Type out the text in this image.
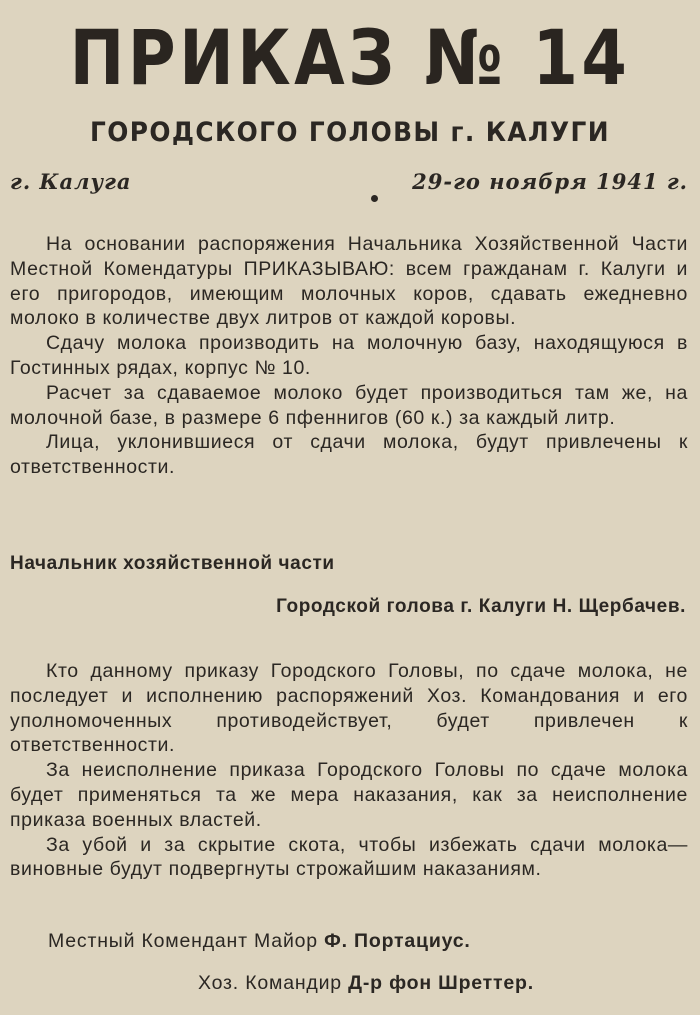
ПРИКАЗ № 14
ГОРОДСКОГО ГОЛОВЫ г. КАЛУГИ
г. Калуга	29-го ноября 1941 г.

На основании распоряжения Начальника Хозяйственной Части Местной Комендатуры ПРИКАЗЫВАЮ: всем гражданам г. Калуги и его пригородов, имеющим молочных коров, сдавать ежедневно молоко в количестве двух литров от каждой коровы.

Сдачу молока производить на молочную базу, находящуюся в Гостинных рядах, корпус № 10.

Расчет за сдаваемое молоко будет производиться там же, на молочной базе, в размере 6 пфеннигов (60 к.) за каждый литр.

Лица, уклонившиеся от сдачи молока, будут привлечены к ответственности.

Начальник хозяйственной части
Городской голова г. Калуги Н. Щербачев.

Кто данному приказу Городского Головы, по сдаче молока, не последует и исполнению распоряжений Хоз. Командования и его уполномоченных противодействует, будет привлечен к ответственности.

За неисполнение приказа Городского Головы по сдаче молока будет применяться та же мера наказания, как за неисполнение приказа военных властей.

За убой и за скрытие скота, чтобы избежать сдачи молока—виновные будут подвергнуты строжайшим наказаниям.

Местный Комендант Майор Ф. Портациус.
Хоз. Командир Д-р фон Шреттер.
